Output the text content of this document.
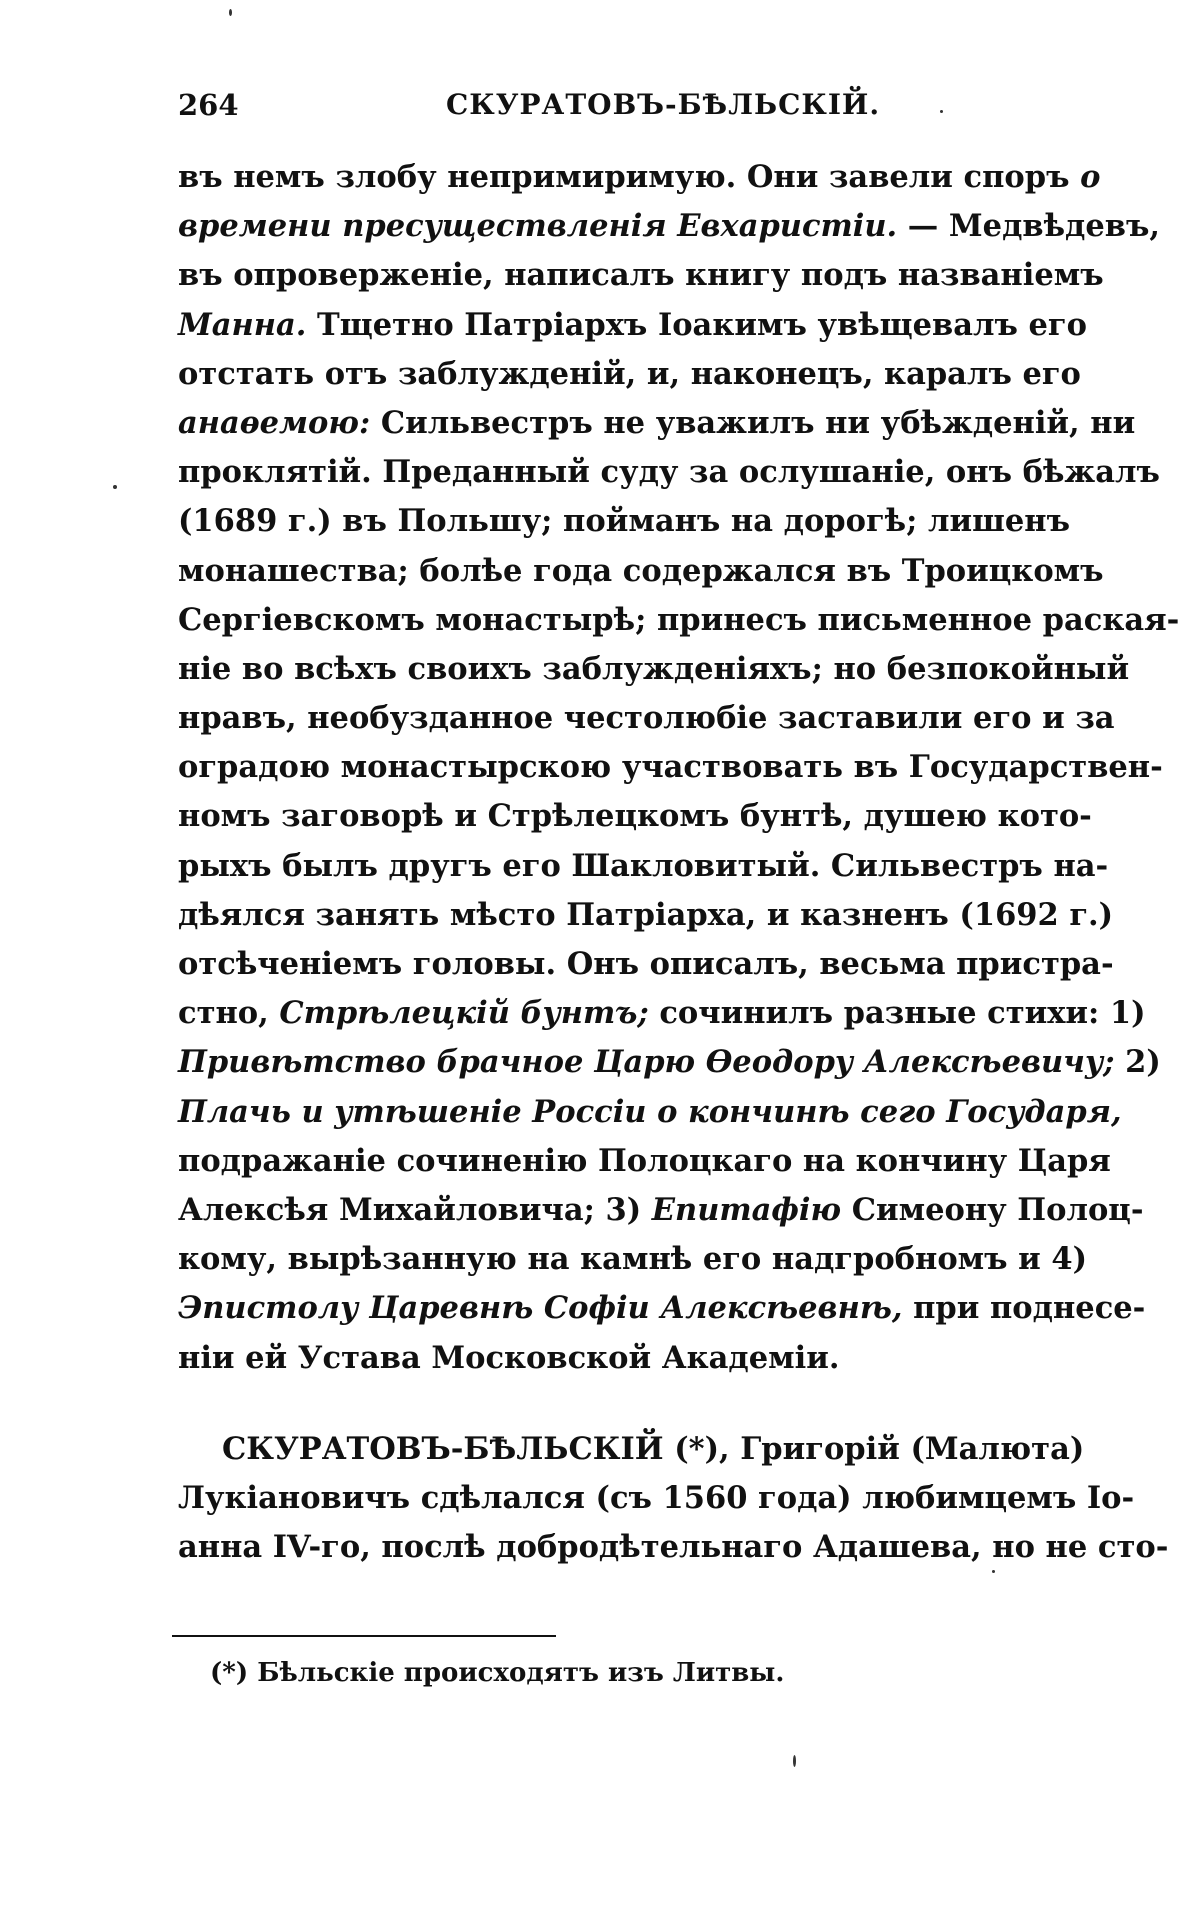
264	СКУРАТОВЪ-БѢЛЬСКІЙ.
въ немъ злобу непримиримую. Они завели споръ о
времени пресуществленія Евхаристіи. — Медвѣдевъ,
въ опроверженіе, написалъ книгу подъ названіемъ
Манна. Тщетно Патріархъ Іоакимъ увѣщевалъ его
отстать отъ заблужденій, и, наконецъ, каралъ его
анаѳемою: Сильвестръ не уважилъ ни убѣжденій, ни
проклятій. Преданный суду за ослушаніе, онъ бѣжалъ
(1689 г.) въ Польшу; пойманъ на дорогѣ; лишенъ
монашества; болѣе года содержался въ Троицкомъ
Сергіевскомъ монастырѣ; принесъ письменное раская-
ніе во всѣхъ своихъ заблужденіяхъ; но безпокойный
нравъ, необузданное честолюбіе заставили его и за
оградою монастырскою участвовать въ Государствен-
номъ заговорѣ и Стрѣлецкомъ бунтѣ, душею кото-
рыхъ былъ другъ его Шакловитый. Сильвестръ на-
дѣялся занять мѣсто Патріарха, и казненъ (1692 г.)
отсѣченіемъ головы. Онъ описалъ, весьма пристра-
стно, Стрѣлецкій бунтъ; сочинилъ разные стихи: 1)
Привѣтство брачное Царю Ѳеодору Алексѣевичу; 2)
Плачь и утѣшеніе Россіи о кончинѣ сего Государя,
подражаніе сочиненію Полоцкаго на кончину Царя
Алексѣя Михайловича; 3) Епитафію Симеону Полоц-
кому, вырѣзанную на камнѣ его надгробномъ и 4)
Эпистолу Царевнѣ Софіи Алексѣевнѣ, при поднесе-
ніи ей Устава Московской Академіи.
СКУРАТОВЪ-БѢЛЬСКІЙ (*), Григорій (Малюта)
Лукіановичъ сдѣлался (съ 1560 года) любимцемъ Іо-
анна IV-го, послѣ добродѣтельнаго Адашева, но не сто-
(*) Бѣльскіе происходятъ изъ Литвы.
